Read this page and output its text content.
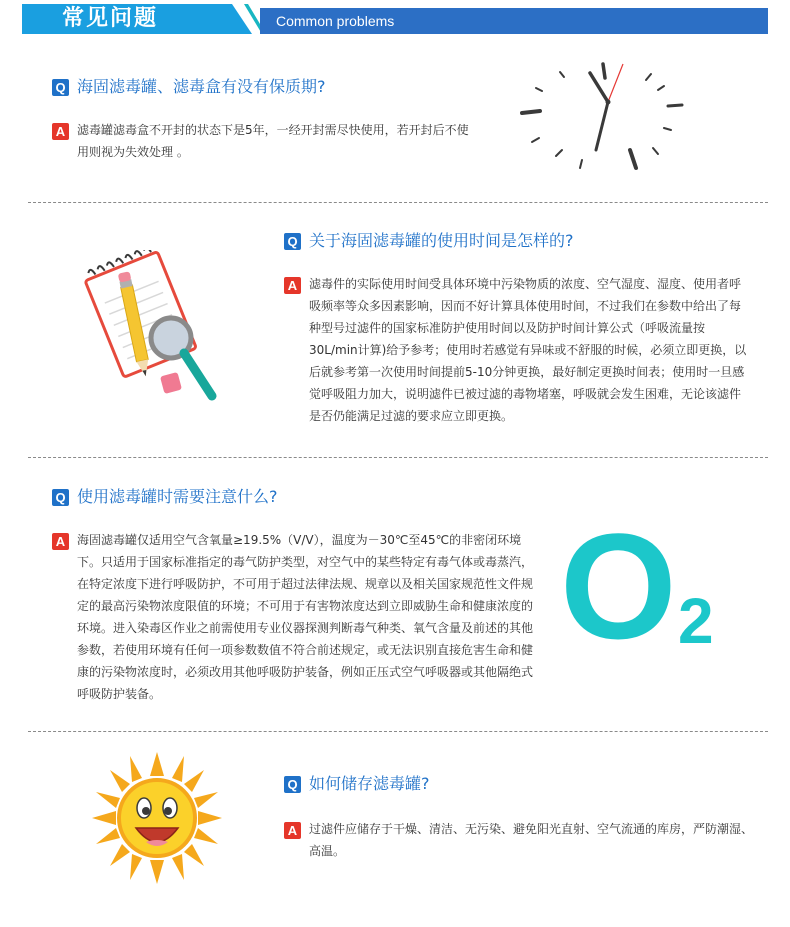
常见问题	Common problems
Q 海固滤毒罐、滤毒盒有没有保质期?
A 滤毒罐滤毒盒不开封的状态下是5年，一经开封需尽快使用，若开封后不使用则视为失效处理 。
Q 关于海固滤毒罐的使用时间是怎样的?
A 滤毒件的实际使用时间受具体环境中污染物质的浓度、空气湿度、湿度、使用者呼吸频率等众多因素影响，因而不好计算具体使用时间，不过我们在参数中给出了每种型号过滤件的国家标准防护使用时间以及防护时间计算公式（呼吸流量按30L/min计算)给予参考；使用时若感觉有异味或不舒服的时候，必须立即更换，以后就参考第一次使用时间提前5-10分钟更换，最好制定更换时间表；使用时一旦感觉呼吸阻力加大，说明滤件已被过滤的毒物堵塞，呼吸就会发生困难，无论该滤件是否仍能满足过滤的要求应立即更换。
Q 使用滤毒罐时需要注意什么?
A 海固滤毒罐仅适用空气含氧量≥19.5%（V/V），温度为－30℃至45℃的非密闭环境下。只适用于国家标准指定的毒气防护类型，对空气中的某些特定有毒气体或毒蒸汽，在特定浓度下进行呼吸防护，不可用于超过法律法规、规章以及相关国家规范性文件规定的最高污染物浓度限值的环境；不可用于有害物浓度达到立即威胁生命和健康浓度的环境。进入染毒区作业之前需使用专业仪器探测判断毒气种类、氧气含量及前述的其他参数，若使用环境有任何一项参数数值不符合前述规定，或无法识别直接危害生命和健康的污染物浓度时，必须改用其他呼吸防护装备，例如正压式空气呼吸器或其他隔绝式呼吸防护装备。
O 2
Q 如何储存滤毒罐?
A 过滤件应储存于干燥、清洁、无污染、避免阳光直射、空气流通的库房，严防潮湿、高温。
